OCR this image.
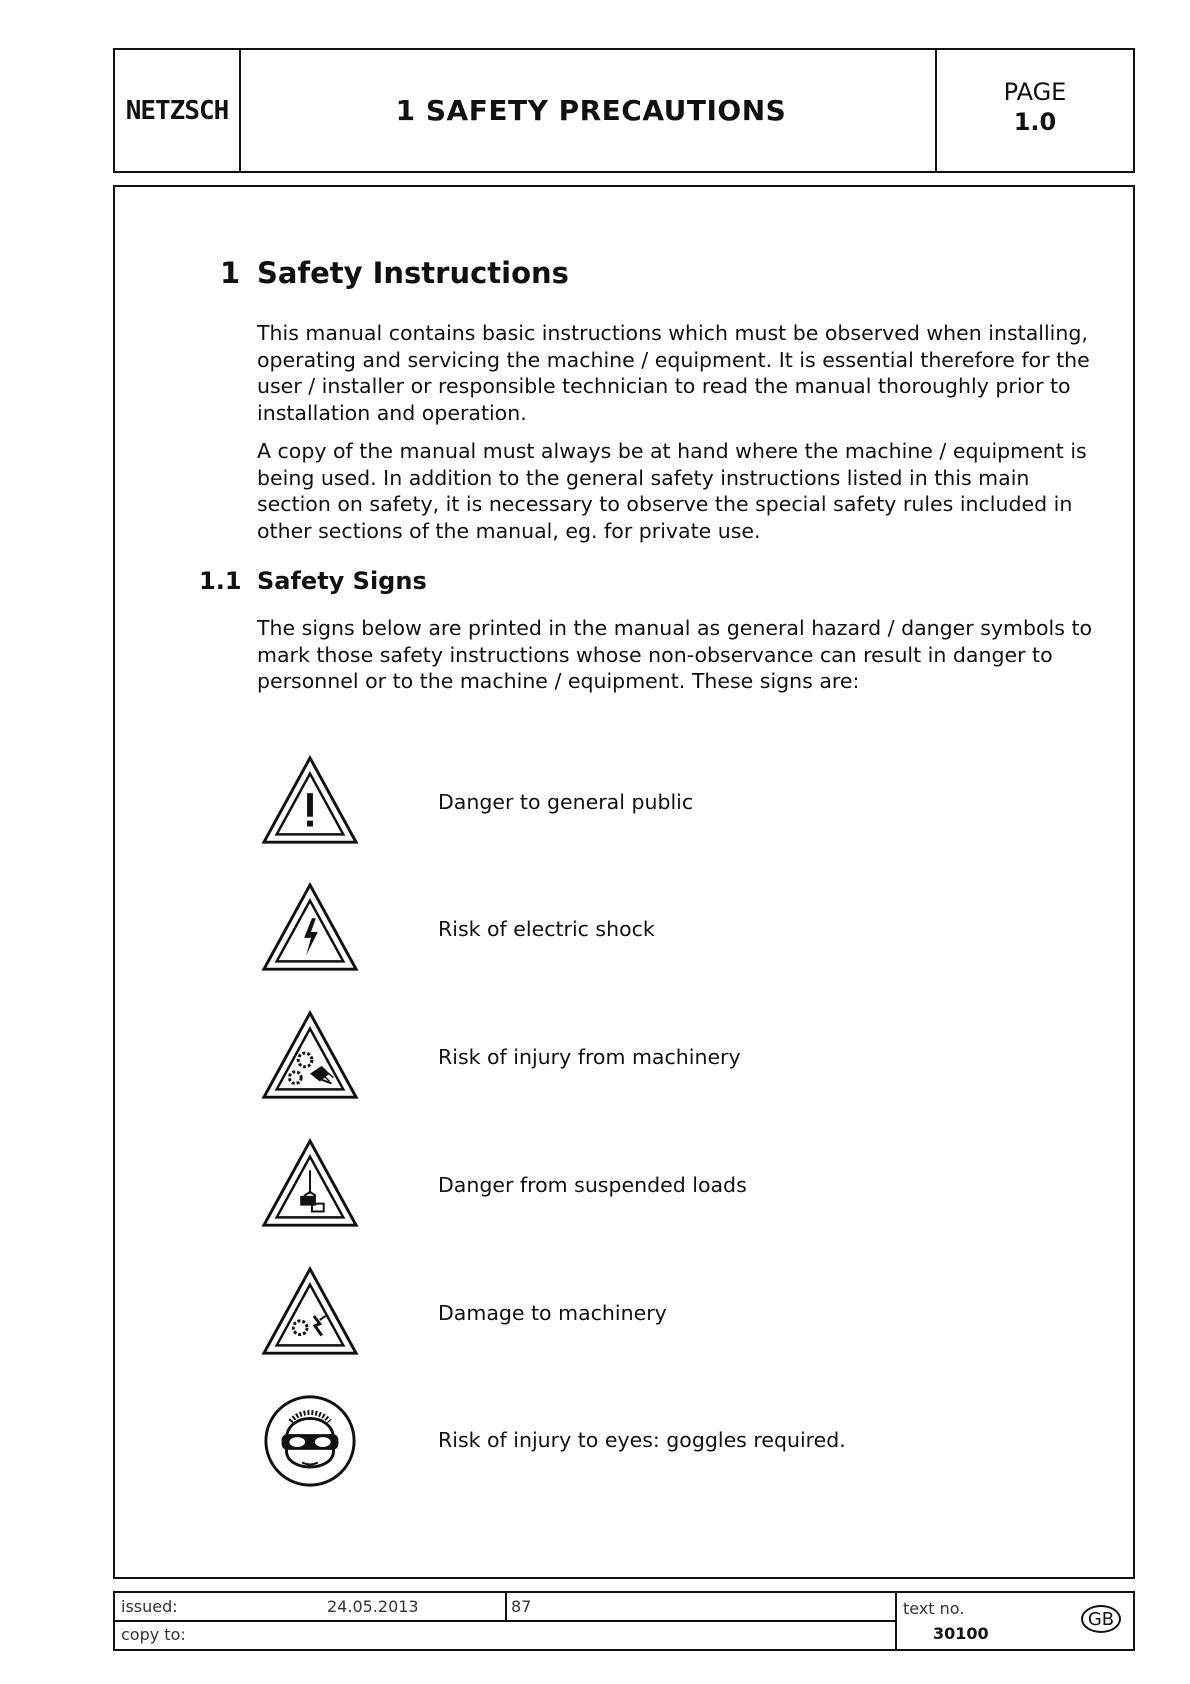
NETZSCH	1 SAFETY PRECAUTIONS
PAGE
1.0
1 Safety Instructions

This manual contains basic instructions which must be observed when installing, operating and servicing the machine / equipment. It is essential therefore for the user / installer or responsible technician to read the manual thoroughly prior to installation and operation.

A copy of the manual must always be at hand where the machine / equipment is being used. In addition to the general safety instructions listed in this main section on safety, it is necessary to observe the special safety rules included in other sections of the manual, eg. for private use.

1.1 Safety Signs

The signs below are printed in the manual as general hazard / danger symbols to mark those safety instructions whose non-observance can result in danger to personnel or to the machine / equipment. These signs are:

Danger to general public
Risk of electric shock
Risk of injury from machinery
Danger from suspended loads
Damage to machinery
Risk of injury to eyes: goggles required.
issued:	24.05.2013	87
copy to:
text no.
30100
GB
